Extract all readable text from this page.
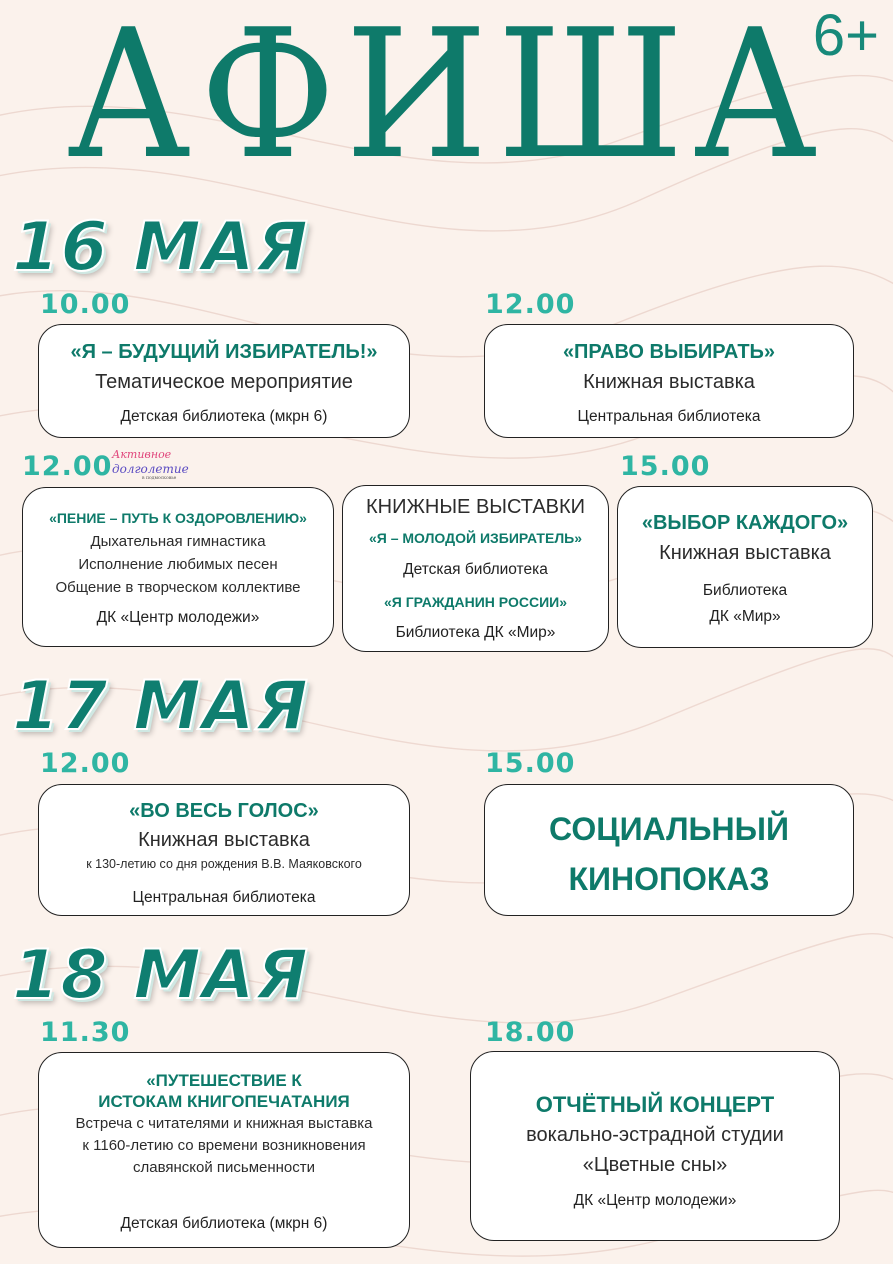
АФИША
6+
16 МАЯ
10.00
«Я – БУДУЩИЙ ИЗБИРАТЕЛЬ!»
Тематическое мероприятие
Детская библиотека (мкрн 6)
12.00
«ПРАВО ВЫБИРАТЬ»
Книжная выставка
Центральная библиотека
12.00 Активное
долголетие
в подмосковье
«ПЕНИЕ – ПУТЬ К ОЗДОРОВЛЕНИЮ»
Дыхательная гимнастика
Исполнение любимых песен
Общение в творческом коллективе
ДК «Центр молодежи»
КНИЖНЫЕ ВЫСТАВКИ
«Я – МОЛОДОЙ ИЗБИРАТЕЛЬ»
Детская библиотека
«Я ГРАЖДАНИН РОССИИ»
Библиотека ДК «Мир»
15.00
«ВЫБОР КАЖДОГО»
Книжная выставка
Библиотека
ДК «Мир»
17 МАЯ
12.00
«ВО ВЕСЬ ГОЛОС»
Книжная выставка
к 130-летию со дня рождения В.В. Маяковского
Центральная библиотека
15.00
СОЦИАЛЬНЫЙ
КИНОПОКАЗ
18 МАЯ
11.30
«ПУТЕШЕСТВИЕ К
ИСТОКАМ КНИГОПЕЧАТАНИЯ
Встреча с читателями и книжная выставка
к 1160-летию со времени возникновения
славянской письменности
Детская библиотека (мкрн 6)
18.00
ОТЧЁТНЫЙ КОНЦЕРТ
вокально-эстрадной студии
«Цветные сны»
ДК «Центр молодежи»
